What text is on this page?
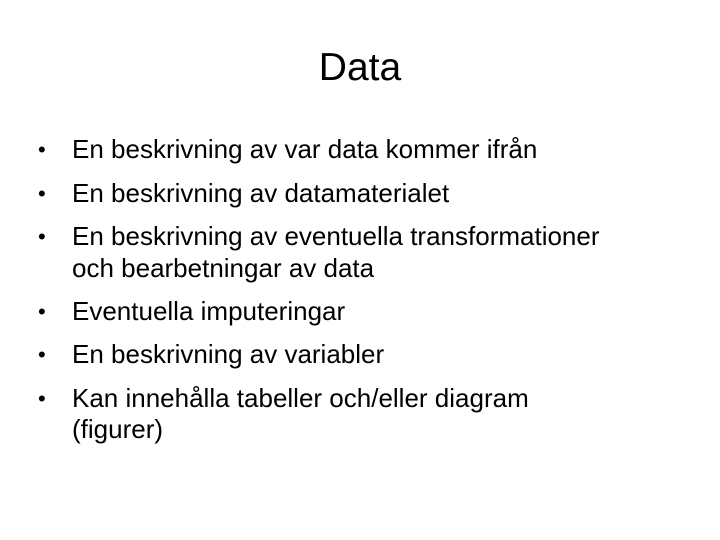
Data
•	En beskrivning av var data kommer ifrån
•	En beskrivning av datamaterialet
•	En beskrivning av eventuella transformationer
och bearbetningar av data
•	Eventuella imputeringar
•	En beskrivning av variabler
•	Kan innehålla tabeller och/eller diagram
(figurer)
